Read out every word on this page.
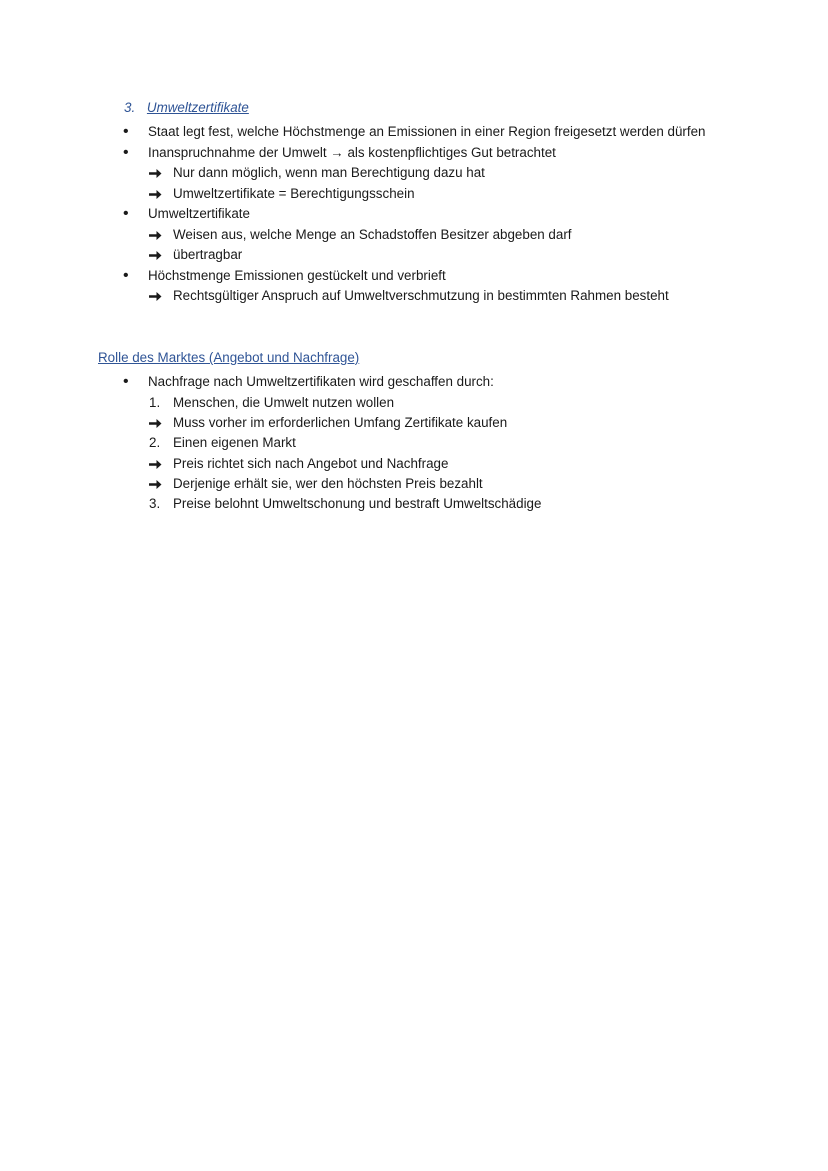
3. Umweltzertifikate
• Staat legt fest, welche Höchstmenge an Emissionen in einer Region freigesetzt werden dürfen
• Inanspruchnahme der Umwelt → als kostenpflichtiges Gut betrachtet
Nur dann möglich, wenn man Berechtigung dazu hat
Umweltzertifikate = Berechtigungsschein
• Umweltzertifikate
Weisen aus, welche Menge an Schadstoffen Besitzer abgeben darf
übertragbar
• Höchstmenge Emissionen gestückelt und verbrieft
Rechtsgültiger Anspruch auf Umweltverschmutzung in bestimmten Rahmen besteht
Rolle des Marktes (Angebot und Nachfrage)
• Nachfrage nach Umweltzertifikaten wird geschaffen durch:
1. Menschen, die Umwelt nutzen wollen
Muss vorher im erforderlichen Umfang Zertifikate kaufen
2. Einen eigenen Markt
Preis richtet sich nach Angebot und Nachfrage
Derjenige erhält sie, wer den höchsten Preis bezahlt
3. Preise belohnt Umweltschonung und bestraft Umweltschädige
